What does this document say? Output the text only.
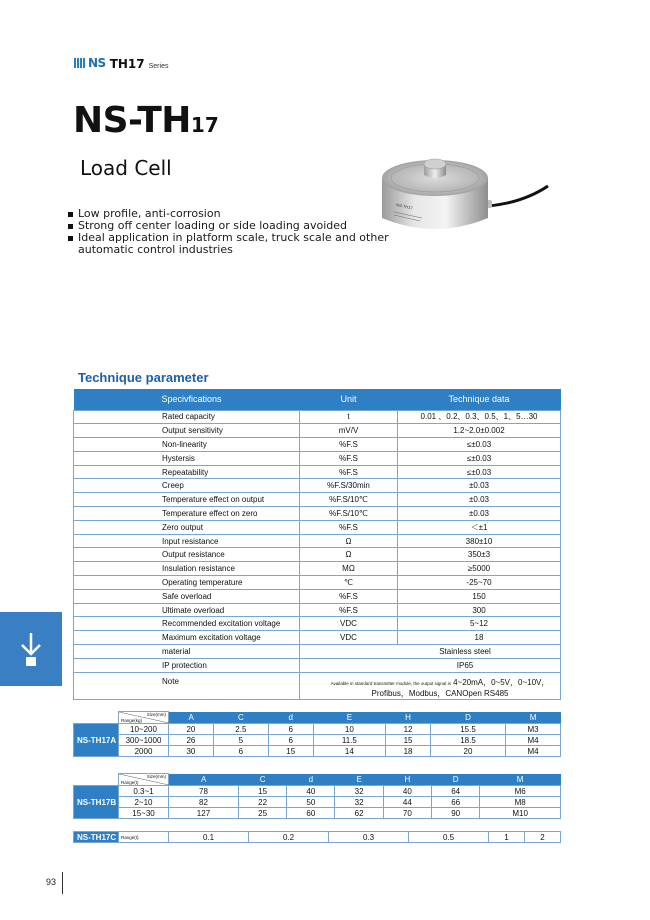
NS TH17 Series
NS-TH17
Load Cell
NS-TH17
Low profile, anti-corrosion
Strong off center loading or side loading avoided
Ideal application in platform scale, truck scale and other
automatic control industries
Technique parameter
Specivfications	Unit	Technique data
Rated capacity	t	0.01 、0.2、0.3、0.5、1、5…30
Output sensitivity	mV/V	1.2~2.0±0.002
Non-linearity	%F.S	≤±0.03
Hystersis	%F.S	≤±0.03
Repeatability	%F.S	≤±0.03
Creep	%F.S/30min	±0.03
Temperature effect on output	%F.S/10℃	±0.03
Temperature effect on zero	%F.S/10℃	±0.03
Zero output	%F.S	＜±1
Input resistance	Ω	380±10
Output resistance	Ω	350±3
Insulation resistance	MΩ	≥5000
Operating temperature	℃	-25~70
Safe overload	%F.S	150
Ultimate overload	%F.S	300
Recommended excitation voltage	VDC	5~12
Maximum excitation voltage	VDC	18
material	Stainless steel	
IP protection	IP65	
Note	Available in standard transmitter module, the output signal is 4~20mA，0~5V，0~10V，
Profibus，Modbus，CANOpen RS485	

	Size(mm)
Range(kg)	A	C	d	E	H	D	M
NS-TH17A	10~200	20	2.5	6	10	12	15.5	M3
	300~1000	26	5	6	11.5	15	18.5	M4
	2000	30	6	15	14	18	20	M4

	Size(mm)
Range(t)	A	C	d	E	H	D	M
NS-TH17B	0.3~1	78	15	40	32	40	64	M6
	2~10	82	22	50	32	44	66	M8
	15~30	127	25	60	62	70	90	M10
NS-TH17C	Range(t)	0.1	0.2	0.3	0.5	1	2
93
